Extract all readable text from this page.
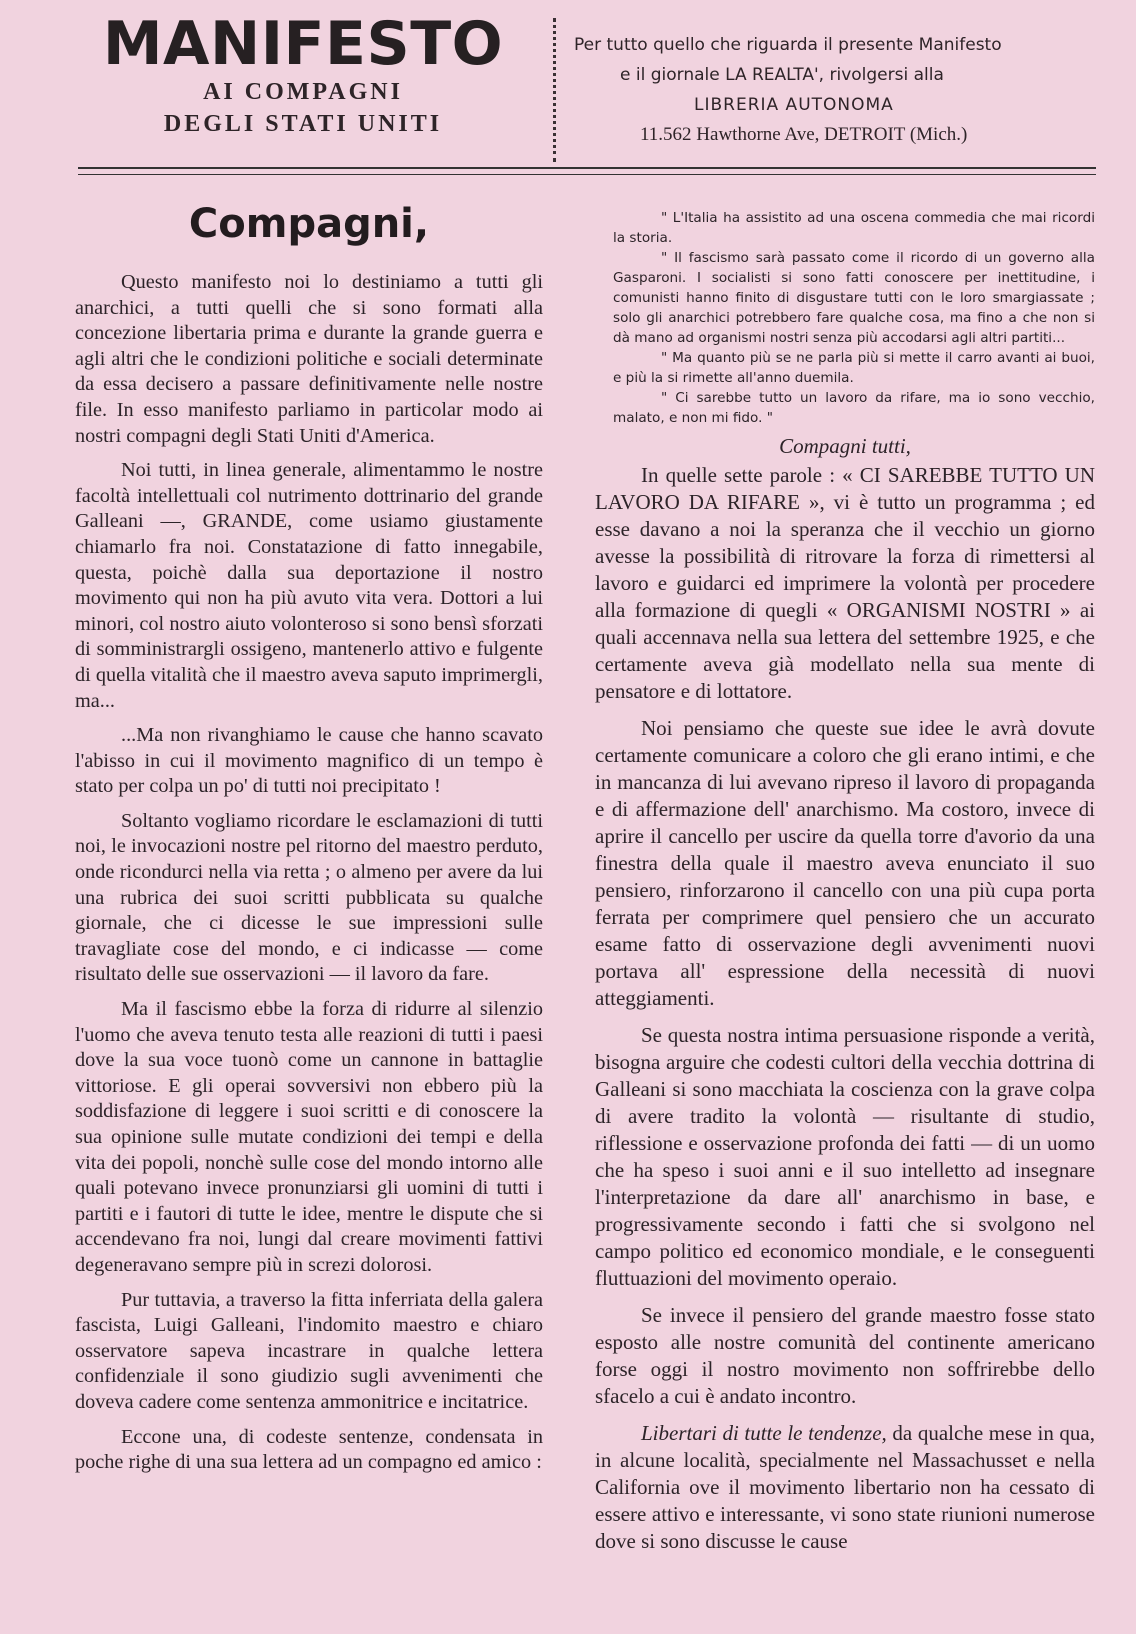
MANIFESTO
AI COMPAGNI
DEGLI STATI UNITI
Per tutto quello che riguarda il presente Manifesto
e il giornale LA REALTA', rivolgersi alla
LIBRERIA AUTONOMA
11.562 Hawthorne Ave, DETROIT (Mich.)
Compagni,

Questo manifesto noi lo destiniamo a tutti gli anarchici, a tutti quelli che si sono formati alla concezione libertaria prima e durante la grande guerra e agli altri che le condizioni politiche e sociali determinate da essa decisero a passare definitivamente nelle nostre file. In esso manifesto parliamo in particolar modo ai nostri compagni degli Stati Uniti d'America.

Noi tutti, in linea generale, alimentammo le nostre facoltà intellettuali col nutrimento dottrinario del grande Galleani —, GRANDE, come usiamo giustamente chiamarlo fra noi. Constatazione di fatto innegabile, questa, poichè dalla sua deportazione il nostro movimento qui non ha più avuto vita vera. Dottori a lui minori, col nostro aiuto volonteroso si sono bensì sforzati di somministrargli ossigeno, mantenerlo attivo e fulgente di quella vitalità che il maestro aveva saputo imprimergli, ma...

...Ma non rivanghiamo le cause che hanno scavato l'abisso in cui il movimento magnifico di un tempo è stato per colpa un po' di tutti noi precipitato !

Soltanto vogliamo ricordare le esclamazioni di tutti noi, le invocazioni nostre pel ritorno del maestro perduto, onde ricondurci nella via retta ; o almeno per avere da lui una rubrica dei suoi scritti pubblicata su qualche giornale, che ci dicesse le sue impressioni sulle travagliate cose del mondo, e ci indicasse — come risultato delle sue osservazioni — il lavoro da fare.

Ma il fascismo ebbe la forza di ridurre al silenzio l'uomo che aveva tenuto testa alle reazioni di tutti i paesi dove la sua voce tuonò come un cannone in battaglie vittoriose. E gli operai sovversivi non ebbero più la soddisfazione di leggere i suoi scritti e di conoscere la sua opinione sulle mutate condizioni dei tempi e della vita dei popoli, nonchè sulle cose del mondo intorno alle quali potevano invece pronunziarsi gli uomini di tutti i partiti e i fautori di tutte le idee, mentre le dispute che si accendevano fra noi, lungi dal creare movimenti fattivi degeneravano sempre più in screzi dolorosi.

Pur tuttavia, a traverso la fitta inferriata della galera fascista, Luigi Galleani, l'indomito maestro e chiaro osservatore sapeva incastrare in qualche lettera confidenziale il sono giudizio sugli avvenimenti che doveva cadere come sentenza ammonitrice e incitatrice.

Eccone una, di codeste sentenze, condensata in poche righe di una sua lettera ad un compagno ed amico :

" L'Italia ha assistito ad una oscena commedia che mai ricordi la storia.

" Il fascismo sarà passato come il ricordo di un governo alla Gasparoni. I socialisti si sono fatti conoscere per inettitudine, i comunisti hanno finito di disgustare tutti con le loro smargiassate ; solo gli anarchici potrebbero fare qualche cosa, ma fino a che non si dà mano ad organismi nostri senza più accodarsi agli altri partiti...

" Ma quanto più se ne parla più si mette il carro avanti ai buoi, e più la si rimette all'anno duemila.

" Ci sarebbe tutto un lavoro da rifare, ma io sono vecchio, malato, e non mi fido. "

Compagni tutti,

In quelle sette parole : « CI SAREBBE TUTTO UN LAVORO DA RIFARE », vi è tutto un programma ; ed esse davano a noi la speranza che il vecchio un giorno avesse la possibilità di ritrovare la forza di rimettersi al lavoro e guidarci ed imprimere la volontà per procedere alla formazione di quegli « ORGANISMI NOSTRI » ai quali accennava nella sua lettera del settembre 1925, e che certamente aveva già modellato nella sua mente di pensatore e di lottatore.

Noi pensiamo che queste sue idee le avrà dovute certamente comunicare a coloro che gli erano intimi, e che in mancanza di lui avevano ripreso il lavoro di propaganda e di affermazione dell' anarchismo. Ma costoro, invece di aprire il cancello per uscire da quella torre d'avorio da una finestra della quale il maestro aveva enunciato il suo pensiero, rinforzarono il cancello con una più cupa porta ferrata per comprimere quel pensiero che un accurato esame fatto di osservazione degli avvenimenti nuovi portava all' espressione della necessità di nuovi atteggiamenti.

Se questa nostra intima persuasione risponde a verità, bisogna arguire che codesti cultori della vecchia dottrina di Galleani si sono macchiata la coscienza con la grave colpa di avere tradito la volontà — risultante di studio, riflessione e osservazione profonda dei fatti — di un uomo che ha speso i suoi anni e il suo intelletto ad insegnare l'interpretazione da dare all' anarchismo in base, e progressivamente secondo i fatti che si svolgono nel campo politico ed economico mondiale, e le conseguenti fluttuazioni del movimento operaio.

Se invece il pensiero del grande maestro fosse stato esposto alle nostre comunità del continente americano forse oggi il nostro movimento non soffrirebbe dello sfacelo a cui è andato incontro.

Libertari di tutte le tendenze, da qualche mese in qua, in alcune località, specialmente nel Massachusset e nella California ove il movimento libertario non ha cessato di essere attivo e interessante, vi sono state riunioni numerose dove si sono discusse le cause
